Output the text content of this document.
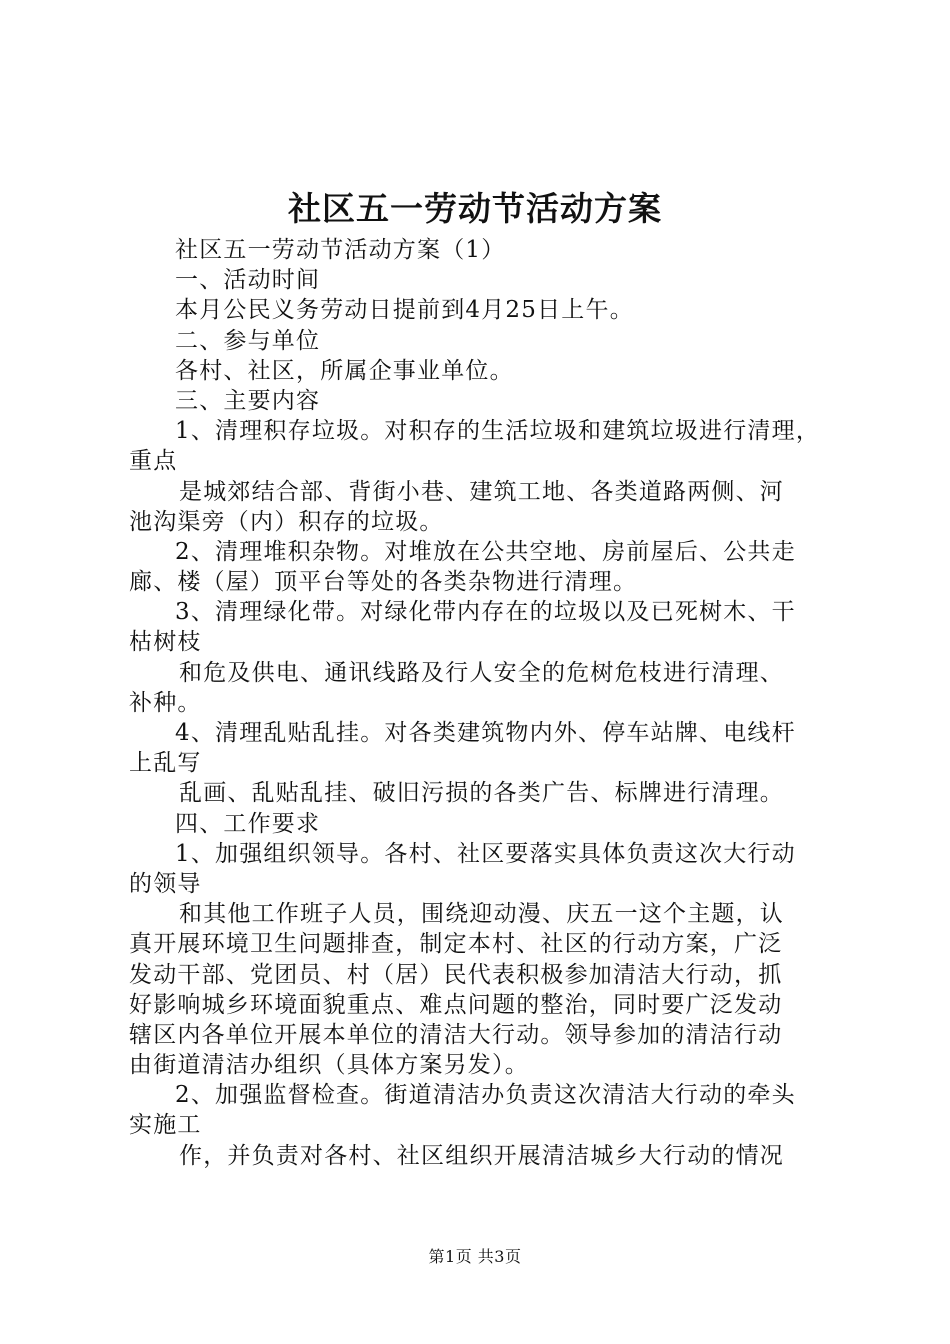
社区五一劳动节活动方案
社区五一劳动节活动方案（1）
一、活动时间
本月公民义务劳动日提前到4月25日上午。
二、参与单位
各村、社区，所属企事业单位。
三、主要内容
1、清理积存垃圾。对积存的生活垃圾和建筑垃圾进行清理，
重点
是城郊结合部、背街小巷、建筑工地、各类道路两侧、河
池沟渠旁（内）积存的垃圾。
2、清理堆积杂物。对堆放在公共空地、房前屋后、公共走
廊、楼（屋）顶平台等处的各类杂物进行清理。
3、清理绿化带。对绿化带内存在的垃圾以及已死树木、干
枯树枝
和危及供电、通讯线路及行人安全的危树危枝进行清理、
补种。
4、清理乱贴乱挂。对各类建筑物内外、停车站牌、电线杆
上乱写
乱画、乱贴乱挂、破旧污损的各类广告、标牌进行清理。
四、工作要求
1、加强组织领导。各村、社区要落实具体负责这次大行动
的领导
和其他工作班子人员，围绕迎动漫、庆五一这个主题，认
真开展环境卫生问题排查，制定本村、社区的行动方案，广泛
发动干部、党团员、村（居）民代表积极参加清洁大行动，抓
好影响城乡环境面貌重点、难点问题的整治，同时要广泛发动
辖区内各单位开展本单位的清洁大行动。领导参加的清洁行动
由街道清洁办组织（具体方案另发）。
2、加强监督检查。街道清洁办负责这次清洁大行动的牵头
实施工
作，并负责对各村、社区组织开展清洁城乡大行动的情况
第1页 共3页
